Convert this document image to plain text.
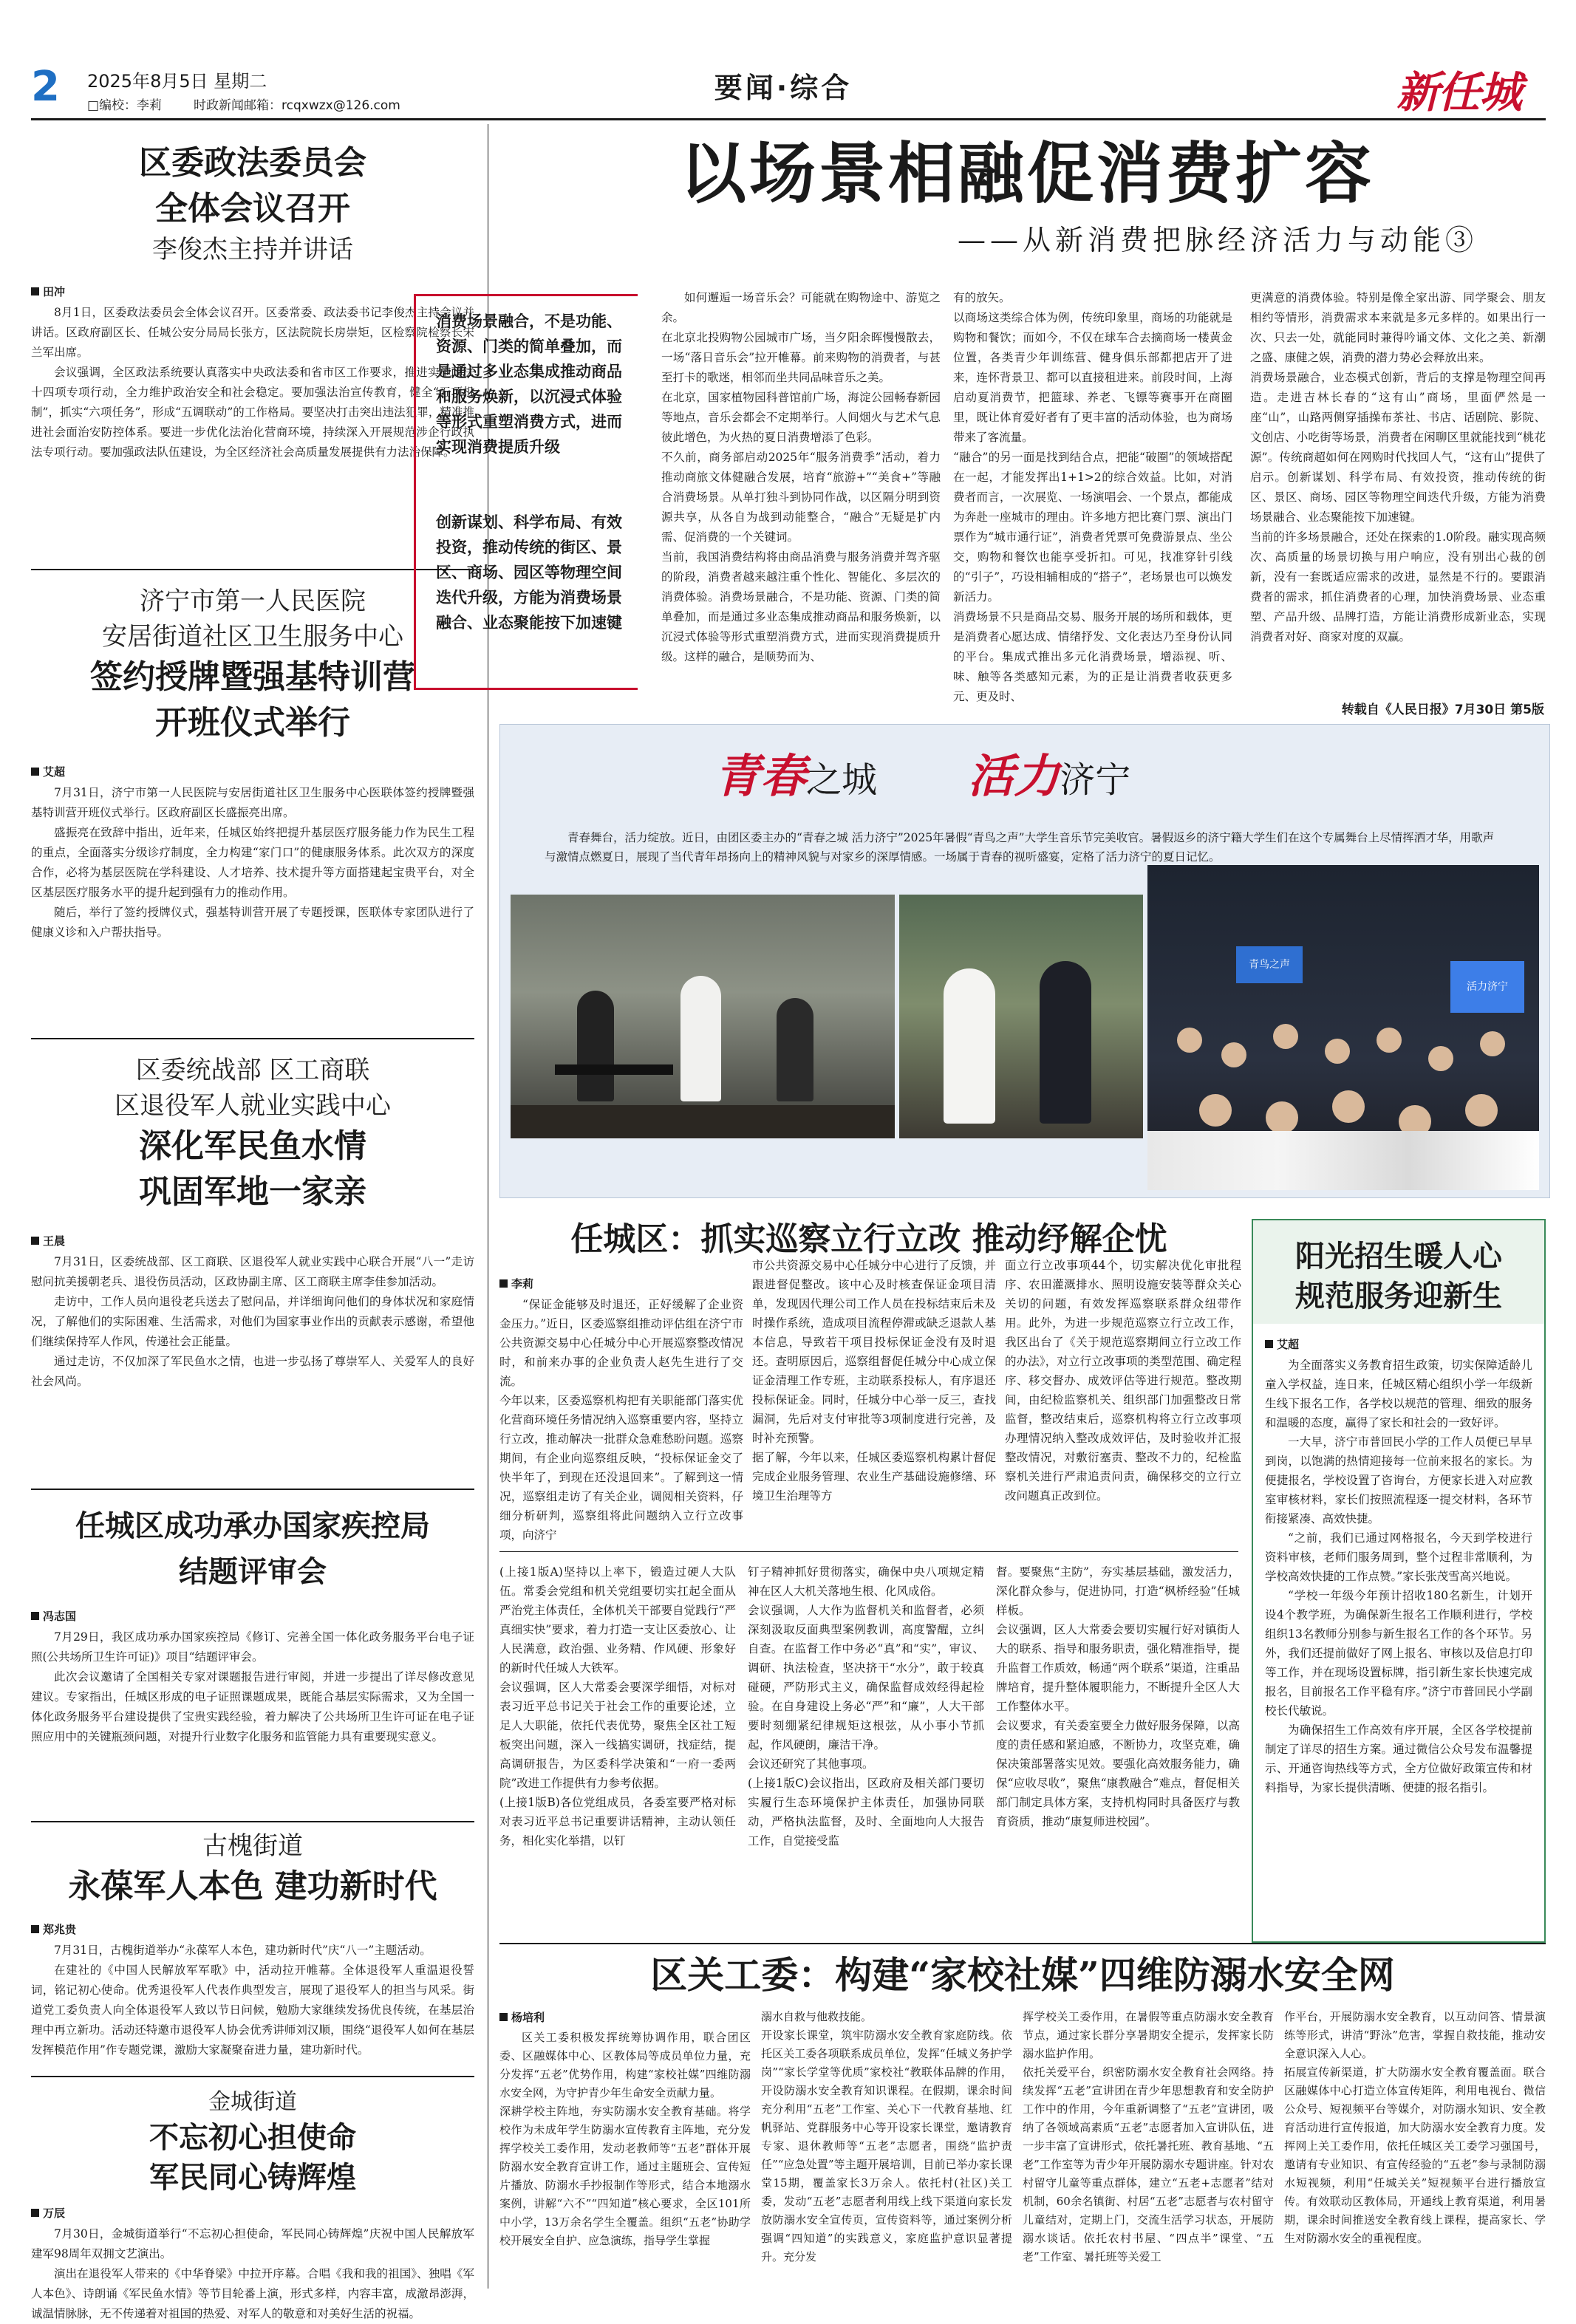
2 2025年8月5日 星期二
□编校：李莉	时政新闻邮箱：rcqxwzx@126.com
要闻·综合	新任城
区委政法委员会
全体会议召开
李俊杰主持并讲话
田冲

8月1日，区委政法委员会全体会议召开。区委常委、政法委书记李俊杰主持会议并讲话。区政府副区长、任城公安分局局长张方，区法院院长房崇矩，区检察院检察长宋兰军出席。

会议强调，全区政法系统要认真落实中央政法委和省市区工作要求，推进实施政法十四项专项行动，全力维护政治安全和社会稳定。要加强法治宣传教育，健全“五项机制”，抓实“六项任务”，形成“五调联动”的工作格局。要坚决打击突出违法犯罪，精准推进社会面治安防控体系。要进一步优化法治化营商环境，持续深入开展规范涉企行政执法专项行动。要加强政法队伍建设，为全区经济社会高质量发展提供有力法治保障。

济宁市第一人民医院
安居街道社区卫生服务中心
签约授牌暨强基特训营
开班仪式举行
艾超

7月31日，济宁市第一人民医院与安居街道社区卫生服务中心医联体签约授牌暨强基特训营开班仪式举行。区政府副区长盛振亮出席。

盛振亮在致辞中指出，近年来，任城区始终把提升基层医疗服务能力作为民生工程的重点，全面落实分级诊疗制度，全力构建“家门口”的健康服务体系。此次双方的深度合作，必将为基层医院在学科建设、人才培养、技术提升等方面搭建起宝贵平台，对全区基层医疗服务水平的提升起到强有力的推动作用。

随后，举行了签约授牌仪式，强基特训营开展了专题授课，医联体专家团队进行了健康义诊和入户帮扶指导。

区委统战部 区工商联
区退役军人就业实践中心
深化军民鱼水情
巩固军地一家亲
王晨

7月31日，区委统战部、区工商联、区退役军人就业实践中心联合开展“八一”走访慰问抗美援朝老兵、退役伤员活动，区政协副主席、区工商联主席李佳参加活动。

走访中，工作人员向退役老兵送去了慰问品，并详细询问他们的身体状况和家庭情况，了解他们的实际困难、生活需求，对他们为国家事业作出的贡献表示感谢，希望他们继续保持军人作风，传递社会正能量。

通过走访，不仅加深了军民鱼水之情，也进一步弘扬了尊崇军人、关爱军人的良好社会风尚。

任城区成功承办国家疾控局
结题评审会
冯志国

7月29日，我区成功承办国家疾控局《修订、完善全国一体化政务服务平台电子证照(公共场所卫生许可证)》项目“结题评审会。

此次会议邀请了全国相关专家对课题报告进行审阅，并进一步提出了详尽修改意见建议。专家指出，任城区形成的电子证照课题成果，既能合基层实际需求，又为全国一体化政务服务平台建设提供了宝贵实践经验，着力解决了公共场所卫生许可证在电子证照应用中的关键瓶颈问题，对提升行业数字化服务和监管能力具有重要现实意义。

古槐街道
永葆军人本色 建功新时代
郑兆贵

7月31日，古槐街道举办“永葆军人本色，建功新时代”庆“八一”主题活动。

在建社的《中国人民解放军军歌》中，活动拉开帷幕。全体退役军人重温退役誓词，铭记初心使命。优秀退役军人代表作典型发言，展现了退役军人的担当与风采。街道党工委负责人向全体退役军人致以节日问候，勉励大家继续发扬优良传统，在基层治理中再立新功。活动还特邀市退役军人协会优秀讲师刘汉顺，围绕“退役军人如何在基层发挥模范作用”作专题党课，激励大家凝聚奋进力量，建功新时代。

金城街道
不忘初心担使命
军民同心铸辉煌
万辰

7月30日，金城街道举行“不忘初心担使命，军民同心铸辉煌”庆祝中国人民解放军建军98周年双拥文艺演出。

演出在退役军人带来的《中华脊梁》中拉开序幕。合唱《我和我的祖国》、独唱《军人本色》、诗朗诵《军民鱼水情》等节目轮番上演，形式多样，内容丰富，成激昂澎湃，诚温情脉脉，无不传递着对祖国的热爱、对军人的敬意和对美好生活的祝福。

以场景相融促消费扩容
——从新消费把脉经济活力与动能③
消费场景融合，不是功能、资源、门类的简单叠加，而是通过多业态集成推动商品和服务焕新，以沉浸式体验等形式重塑消费方式，进而实现消费提质升级
创新谋划、科学布局、有效投资，推动传统的街区、景区、商场、园区等物理空间迭代升级，方能为消费场景融合、业态聚能按下加速键
如何邂逅一场音乐会？可能就在购物途中、游览之余。
在北京北投购物公园城市广场，当夕阳余晖慢慢散去，一场“落日音乐会”拉开帷幕。前来购物的消费者，与甚至打卡的歌迷，相邻而坐共同品味音乐之美。
在北京，国家植物园科普馆前广场，海淀公园畅春新园等地点，音乐会都会不定期举行。人间烟火与艺术气息彼此增色，为火热的夏日消费增添了色彩。
不久前，商务部启动2025年“服务消费季”活动，着力推动商旅文体健融合发展，培育“旅游+”“美食+”等融合消费场景。从单打独斗到协同作战，以区隔分明到资源共享，从各自为战到动能整合，“融合”无疑是扩内需、促消费的一个关键词。
当前，我国消费结构将由商品消费与服务消费并驾齐驱的阶段，消费者越来越注重个性化、智能化、多层次的消费体验。消费场景融合，不是功能、资源、门类的简单叠加，而是通过多业态集成推动商品和服务焕新，以沉浸式体验等形式重塑消费方式，进而实现消费提质升级。这样的融合，是顺势而为、
有的放矢。
以商场这类综合体为例，传统印象里，商场的功能就是购物和餐饮；而如今，不仅在球车合去摘商场一楼黄金位置，各类青少年训练营、健身俱乐部都把店开了进来，连怀背景卫、都可以直接租进来。前段时间，上海启动夏消费节，把篮球、养老、飞镖等赛事开在商圈里，既让体育爱好者有了更丰富的活动体验，也为商场带来了客流量。
“融合”的另一面是找到结合点，把能“破圈”的领域搭配在一起，才能发挥出1+1>2的综合效益。比如，对消费者而言，一次展览、一场演唱会、一个景点，都能成为奔赴一座城市的理由。许多地方把比赛门票、演出门票作为“城市通行证”，消费者凭票可免费游景点、坐公交，购物和餐饮也能享受折扣。可见，找准穿针引线的“引子”，巧设相辅相成的“搭子”，老场景也可以焕发新活力。
消费场景不只是商品交易、服务开展的场所和载体，更是消费者心愿达成、情绪抒发、文化表达乃至身份认同的平台。集成式推出多元化消费场景，增添视、听、味、触等各类感知元素，为的正是让消费者收获更多元、更及时、
更满意的消费体验。特别是像全家出游、同学聚会、朋友相约等情形，消费需求本来就是多元多样的。如果出行一次、只去一处，就能同时兼得吟诵文体、文化之美、新潮之盛、康健之娱，消费的潜力势必会释放出来。
消费场景融合，业态模式创新，背后的支撑是物理空间再造。走进吉林长春的“这有山”商场，里面俨然是一座“山”，山路两侧穿插操布茶社、书店、话剧院、影院、文创店、小吃街等场景，消费者在闲聊区里就能找到“桃花源”。传统商超如何在网购时代找回人气，“这有山”提供了启示。创新谋划、科学布局、有效投资，推动传统的街区、景区、商场、园区等物理空间迭代升级，方能为消费场景融合、业态聚能按下加速键。
当前的许多场景融合，还处在探索的1.0阶段。融实现高频次、高质量的场景切换与用户响应，没有别出心裁的创新，没有一套既适应需求的改进，显然是不行的。要跟消费者的需求，抓住消费者的心理，加快消费场景、业态重塑、产品升级、品牌打造，方能让消费形成新业态，实现消费者对好、商家对度的双赢。
转载自《人民日报》7月30日 第5版
青春之城 活力济宁
青春舞台，活力绽放。近日，由团区委主办的“青春之城 活力济宁”2025年暑假“青鸟之声”大学生音乐节完美收官。暑假返乡的济宁籍大学生们在这个专属舞台上尽情挥洒才华，用歌声与激情点燃夏日，展现了当代青年昂扬向上的精神风貌与对家乡的深厚情感。一场属于青春的视听盛宴，定格了活力济宁的夏日记忆。
青鸟之声
活力济宁
任城区：抓实巡察立行立改 推动纾解企忧
李莉
“保证金能够及时退还，正好缓解了企业资金压力。”近日，区委巡察组推动评估组在济宁市公共资源交易中心任城分中心开展巡察整改情况时，和前来办事的企业负责人赵先生进行了交流。
今年以来，区委巡察机构把有关职能部门落实优化营商环境任务情况纳入巡察重要内容，坚持立行立改，推动解决一批群众急难愁盼问题。巡察期间，有企业向巡察组反映，“投标保证金交了快半年了，到现在还没退回来”。了解到这一情况，巡察组走访了有关企业，调阅相关资料，仔细分析研判，巡察组将此问题纳入立行立改事项，向济宁
市公共资源交易中心任城分中心进行了反馈，并跟进督促整改。该中心及时核查保证金项目清单，发现因代理公司工作人员在投标结束后未及时操作系统，造成项目流程停滞或缺乏退款人基本信息，导致若干项目投标保证金没有及时退还。查明原因后，巡察组督促任城分中心成立保证金清理工作专班，主动联系投标人，有序退还投标保证金。同时，任城分中心举一反三，查找漏洞，先后对支付审批等3项制度进行完善，及时补充预警。
据了解，今年以来，任城区委巡察机构累计督促完成企业服务管理、农业生产基础设施修缮、环境卫生治理等方
面立行立改事项44个，切实解决优化审批程序、农田灌溉排水、照明设施安装等群众关心关切的问题，有效发挥巡察联系群众纽带作用。此外，为进一步规范巡察立行立改工作，我区出台了《关于规范巡察期间立行立改工作的办法》，对立行立改事项的类型范围、确定程序、移交督办、成效评估等进行规范。整改期间，由纪检监察机关、组织部门加强整改日常监督，整改结束后，巡察机构将立行立改事项办理情况纳入整改成效评估，及时验收并汇报整改情况，对敷衍塞责、整改不力的，纪检监察机关进行严肃追责问责，确保移交的立行立改问题真正改到位。
阳光招生暖人心
规范服务迎新生
艾超

为全面落实义务教育招生政策，切实保障适龄儿童入学权益，连日来，任城区精心组织小学一年级新生线下报名工作，各学校以规范的管理、细致的服务和温暖的态度，赢得了家长和社会的一致好评。

一大早，济宁市普回民小学的工作人员便已早早到岗，以饱满的热情迎接每一位前来报名的家长。为便捷报名，学校设置了咨询台，方便家长进入对应教室审核材料，家长们按照流程逐一提交材料，各环节衔接紧凑、高效快捷。

“之前，我们已通过网格报名，今天到学校进行资料审核，老师们服务周到，整个过程非常顺利，为学校高效快捷的工作点赞。”家长张茂雪高兴地说。

“学校一年级今年预计招收180名新生，计划开设4个教学班，为确保新生报名工作顺利进行，学校组织13名教师分别参与新生报名工作的各个环节。另外，我们还提前做好了网上报名、审核以及信息打印等工作，并在现场设置标牌，指引新生家长快速完成报名，目前报名工作平稳有序。”济宁市普回民小学副校长代敏说。

为确保招生工作高效有序开展，全区各学校提前制定了详尽的招生方案。通过微信公众号发布温馨提示、开通咨询热线等方式，全方位做好政策宣传和材料指导，为家长提供清晰、便捷的报名指引。

(上接1版A)坚持以上率下，锻造过硬人大队伍。常委会党组和机关党组要切实扛起全面从严治党主体责任，全体机关干部要自觉践行“严真细实快”要求，着力打造一支让区委放心、让人民满意，政治强、业务精、作风硬、形象好的新时代任城人大铁军。
会议强调，区人大常委会要深学细悟，对标对表习近平总书记关于社会工作的重要论述，立足人大职能，依托代表优势，聚焦全区社工短板突出问题，深入一线搞实调研，找症结，提高调研报告，为区委科学决策和“一府一委两院”改进工作提供有力参考依据。
(上接1版B)各位党组成员，各委室要严格对标对表习近平总书记重要讲话精神，主动认领任务，相化实化举措，以钉
钉子精神抓好贯彻落实，确保中央八项规定精神在区人大机关落地生根、化风成俗。
会议强调，人大作为监督机关和监督者，必须深刻汲取反面典型案例教训，高度警醒，立纠自查。在监督工作中务必“真”和“实”，审议、调研、执法检查，坚决挤干“水分”，敢于较真碰硬，严防形式主义，确保监督成效经得起检验。在自身建设上务必“严”和“廉”，人大干部要时刻绷紧纪律规矩这根弦，从小事小节抓起，作风硬朗，廉洁干净。
会议还研究了其他事项。
(上接1版C)会议指出，区政府及相关部门要切实履行生态环境保护主体责任，加强协同联动，严格执法监督，及时、全面地向人大报告工作，自觉接受监
督。要聚焦“主防”，夯实基层基础，激发活力，深化群众参与，促进协同，打造“枫桥经验”任城样板。
会议强调，区人大常委会要切实履行好对镇街人大的联系、指导和服务职责，强化精准指导，提升监督工作质效，畅通“两个联系”渠道，注重品牌培育，提升整体履职能力，不断提升全区人大工作整体水平。
会议要求，有关委室要全力做好服务保障，以高度的责任感和紧迫感，不断协力，攻坚克难，确保决策部署落实见效。要强化高效服务能力，确保“应收尽收”，聚焦“康教融合”难点，督促相关部门制定具体方案，支持机构同时具备医疗与教育资质，推动“康复师进校园”。
区关工委：构建“家校社媒”四维防溺水安全网
杨培利
区关工委积极发挥统筹协调作用，联合团区委、区融媒体中心、区教体局等成员单位力量，充分发挥“五老”优势作用，构建“家校社媒”四维防溺水安全网，为守护青少年生命安全贡献力量。
深耕学校主阵地，夯实防溺水安全教育基础。将学校作为未成年学生防溺水宣传教育主阵地，充分发挥学校关工委作用，发动老教师等“五老”群体开展防溺水安全教育宣讲工作，通过主题班会、宣传短片播放、防溺水手抄报制作等形式，结合本地溺水案例，讲解“六不”“四知道”核心要求，全区101所中小学，13万余名学生全覆盖。组织“五老”协助学校开展安全自护、应急演练，指导学生掌握
溺水自救与他救技能。
开设家长课堂，筑牢防溺水安全教育家庭防线。依托区关工委各项联系成员单位，发挥“任城义务护学岗”“家长学堂等优质”家校社“教联体品牌的作用，开设防溺水安全教育知识课程。在假期，课余时间充分利用“五老”工作室、关心下一代教育基地、红帆驿站、党群服务中心等开设家长课堂，邀请教育专家、退休教师等“五老”志愿者，围绕“监护责任”“应急处置”等主题开展培训，目前已举办家长课堂15期，覆盖家长3万余人。依托村(社区)关工委，发动“五老”志愿者利用线上线下渠道向家长发放防溺水安全宣传页，宣传资料等，通过案例分析强调“四知道”的实践意义，家庭监护意识显著提升。充分发
挥学校关工委作用，在暑假等重点防溺水安全教育节点，通过家长群分享暑期安全提示，发挥家长防溺水监护作用。
依托关爱平台，织密防溺水安全教育社会网络。持续发挥“五老”宣讲团在青少年思想教育和安全防护工作中的作用，今年重新调整了“五老”宣讲团，吸纳了各领域高素质“五老”志愿者加入宣讲队伍，进一步丰富了宣讲形式，依托暑托班、教育基地、“五老”工作室等为青少年开展防溺水专题讲座。针对农村留守儿童等重点群体，建立“五老+志愿者”结对机制，60余名镇街、村居“五老”志愿者与农村留守儿童结对，定期上门，交流生活学习状态，开展防溺水谈话。依托农村书屋、“四点半”课堂、“五老”工作室、暑托班等关爱工
作平台，开展防溺水安全教育，以互动问答、情景演练等形式，讲清“野泳”危害，掌握自救技能，推动安全意识深入人心。
拓展宣传新渠道，扩大防溺水安全教育覆盖面。联合区融媒体中心打造立体宣传矩阵，利用电视台、微信公众号、短视频平台等媒介，对防溺水知识、安全教育活动进行宣传报道，加大防溺水安全教育力度。发挥网上关工委作用，依托任城区关工委学习强国号，邀请有专业知识、有宣传经验的“五老”参与录制防溺水短视频，利用“任城关关”短视频平台进行播放宣传。有效联动区教体局，开通线上教育渠道，利用暑期，课余时间推送安全教育线上课程，提高家长、学生对防溺水安全的重视程度。
